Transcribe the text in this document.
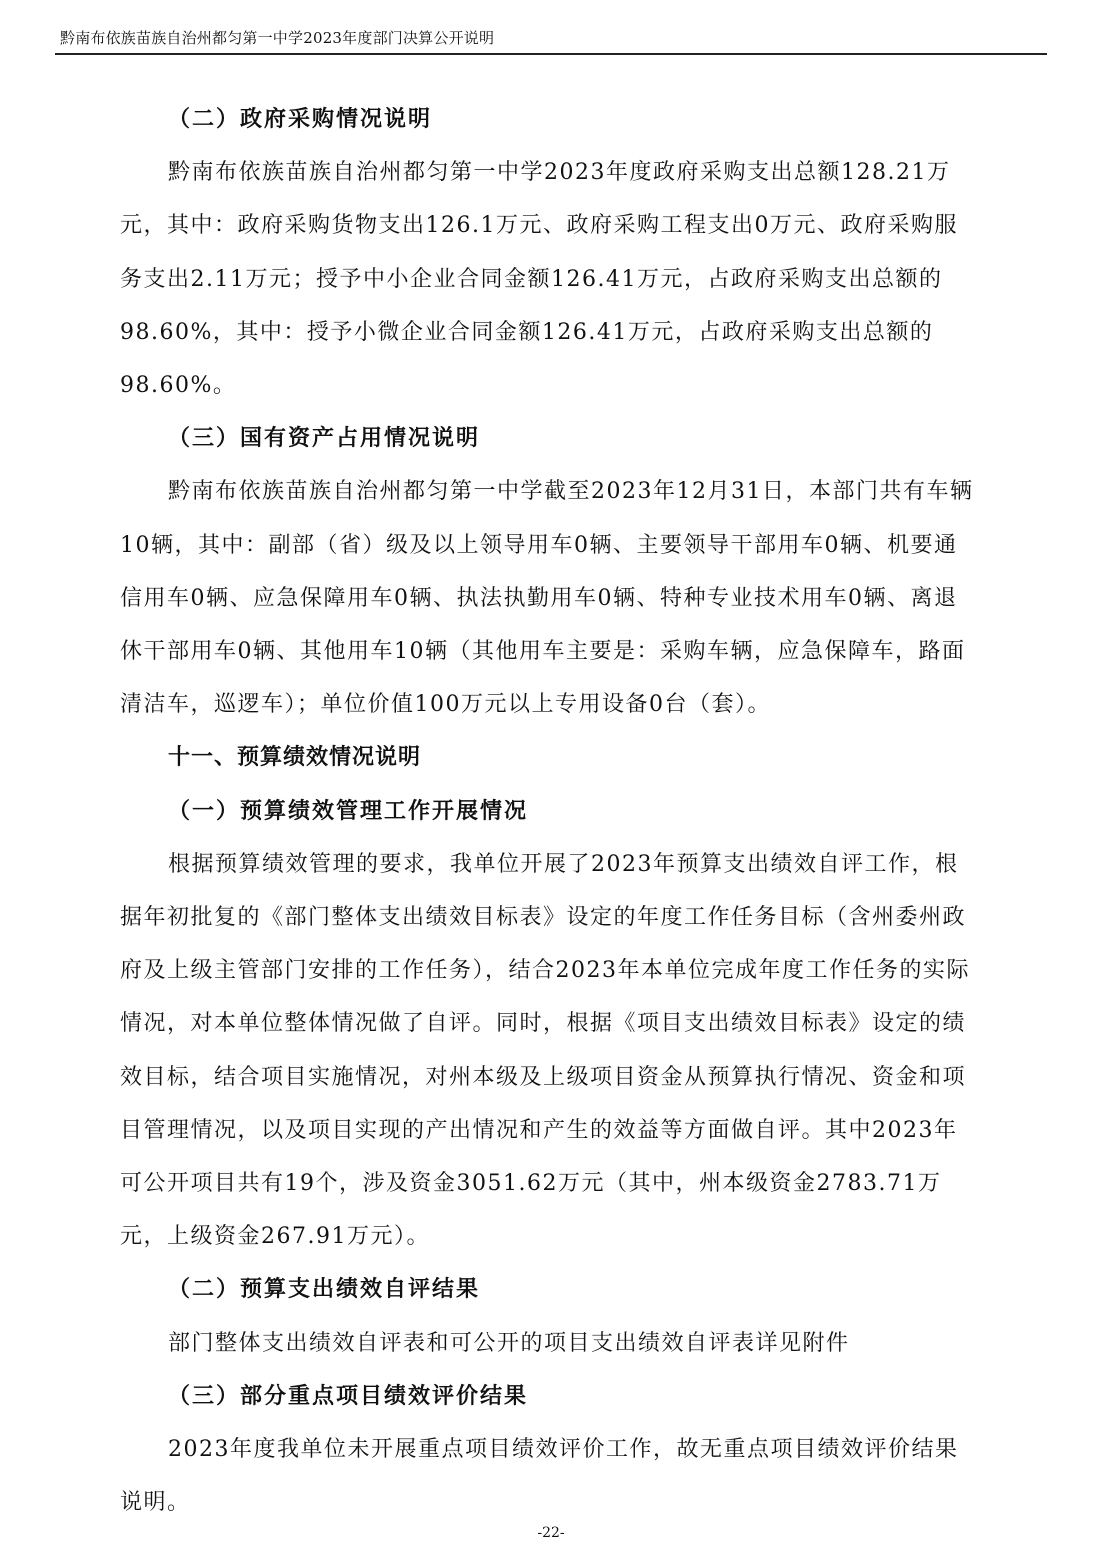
黔南布依族苗族自治州都匀第一中学2023年度部门决算公开说明

（二）政府采购情况说明

黔南布依族苗族自治州都匀第一中学2023年度政府采购支出总额128.21万元，其中：政府采购货物支出126.1万元、政府采购工程支出0万元、政府采购服务支出2.11万元；授予中小企业合同金额126.41万元，占政府采购支出总额的98.60%，其中：授予小微企业合同金额126.41万元，占政府采购支出总额的98.60%。

（三）国有资产占用情况说明

黔南布依族苗族自治州都匀第一中学截至2023年12月31日，本部门共有车辆10辆，其中：副部（省）级及以上领导用车0辆、主要领导干部用车0辆、机要通信用车0辆、应急保障用车0辆、执法执勤用车0辆、特种专业技术用车0辆、离退休干部用车0辆、其他用车10辆（其他用车主要是：采购车辆，应急保障车，路面清洁车，巡逻车）；单位价值100万元以上专用设备0台（套）。

十一、预算绩效情况说明

（一）预算绩效管理工作开展情况

根据预算绩效管理的要求，我单位开展了2023年预算支出绩效自评工作，根据年初批复的《部门整体支出绩效目标表》设定的年度工作任务目标（含州委州政府及上级主管部门安排的工作任务），结合2023年本单位完成年度工作任务的实际情况，对本单位整体情况做了自评。同时，根据《项目支出绩效目标表》设定的绩效目标，结合项目实施情况，对州本级及上级项目资金从预算执行情况、资金和项目管理情况，以及项目实现的产出情况和产生的效益等方面做自评。其中2023年可公开项目共有19个，涉及资金3051.62万元（其中，州本级资金2783.71万元，上级资金267.91万元）。

（二）预算支出绩效自评结果

部门整体支出绩效自评表和可公开的项目支出绩效自评表详见附件

（三）部分重点项目绩效评价结果

2023年度我单位未开展重点项目绩效评价工作，故无重点项目绩效评价结果说明。

-22-
